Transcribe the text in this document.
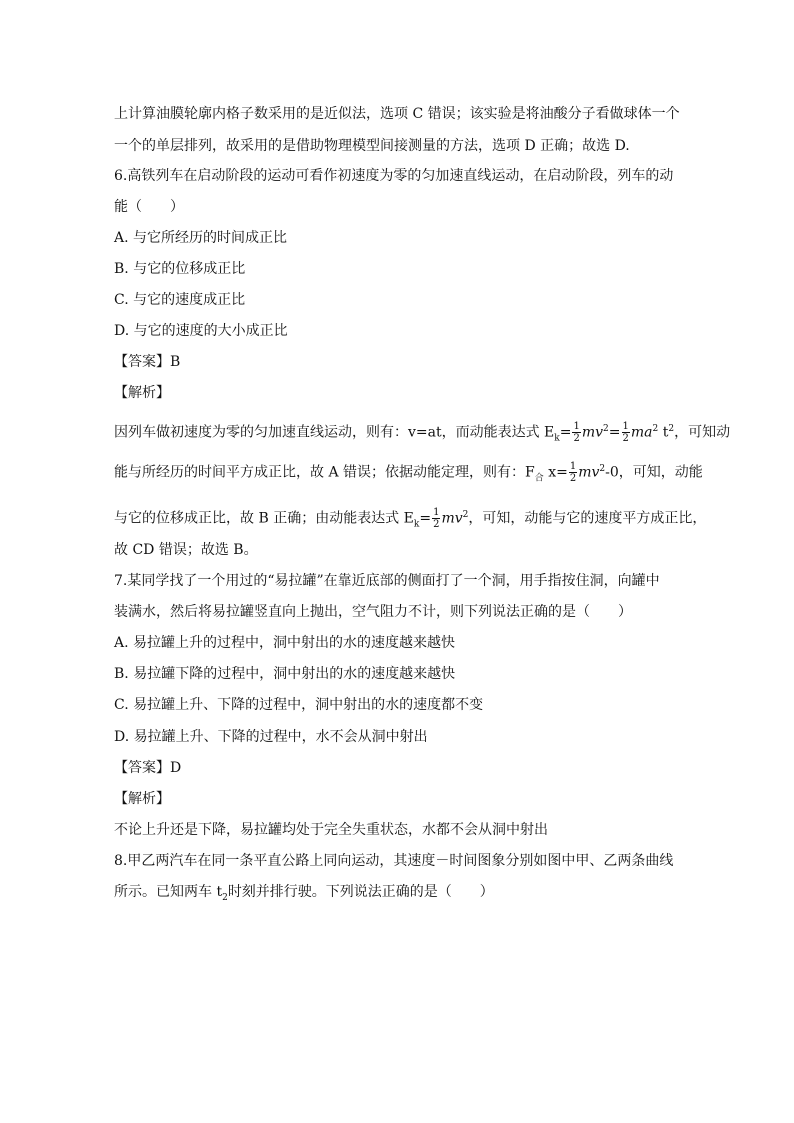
上计算油膜轮廓内格子数采用的是近似法，选项 C 错误；该实验是将油酸分子看做球体一个
一个的单层排列，故采用的是借助物理模型间接测量的方法，选项 D 正确；故选 D.
6.高铁列车在启动阶段的运动可看作初速度为零的匀加速直线运动，在启动阶段，列车的动
能（　　）
A. 与它所经历的时间成正比
B. 与它的位移成正比
C. 与它的速度成正比
D. 与它的速度的大小成正比
【答案】B
【解析】
因列车做初速度为零的匀加速直线运动，则有：v=at，而动能表达式 $E_k= \frac{1}{2} mv^2= \frac{1}{2} ma^2$ $t^2$，可知动
能与所经历的时间平方成正比，故 A 错误；依据动能定理，则有：$F_合$ $x= \frac{1}{2} mv^2-0$，可知，动能
与它的位移成正比，故 B 正确；由动能表达式 $E_k= \frac{1}{2} mv^2$，可知，动能与它的速度平方成正比，
故 CD 错误；故选 B。
7.某同学找了一个用过的“易拉罐”在靠近底部的侧面打了一个洞，用手指按住洞，向罐中
装满水，然后将易拉罐竖直向上抛出，空气阻力不计，则下列说法正确的是（　　）
A. 易拉罐上升的过程中，洞中射出的水的速度越来越快
B. 易拉罐下降的过程中，洞中射出的水的速度越来越快
C. 易拉罐上升、下降的过程中，洞中射出的水的速度都不变
D. 易拉罐上升、下降的过程中，水不会从洞中射出
【答案】D
【解析】
不论上升还是下降，易拉罐均处于完全失重状态，水都不会从洞中射出
8.甲乙两汽车在同一条平直公路上同向运动，其速度－时间图象分别如图中甲、乙两条曲线
所示。已知两车 $t_2$时刻并排行驶。下列说法正确的是（　　）
